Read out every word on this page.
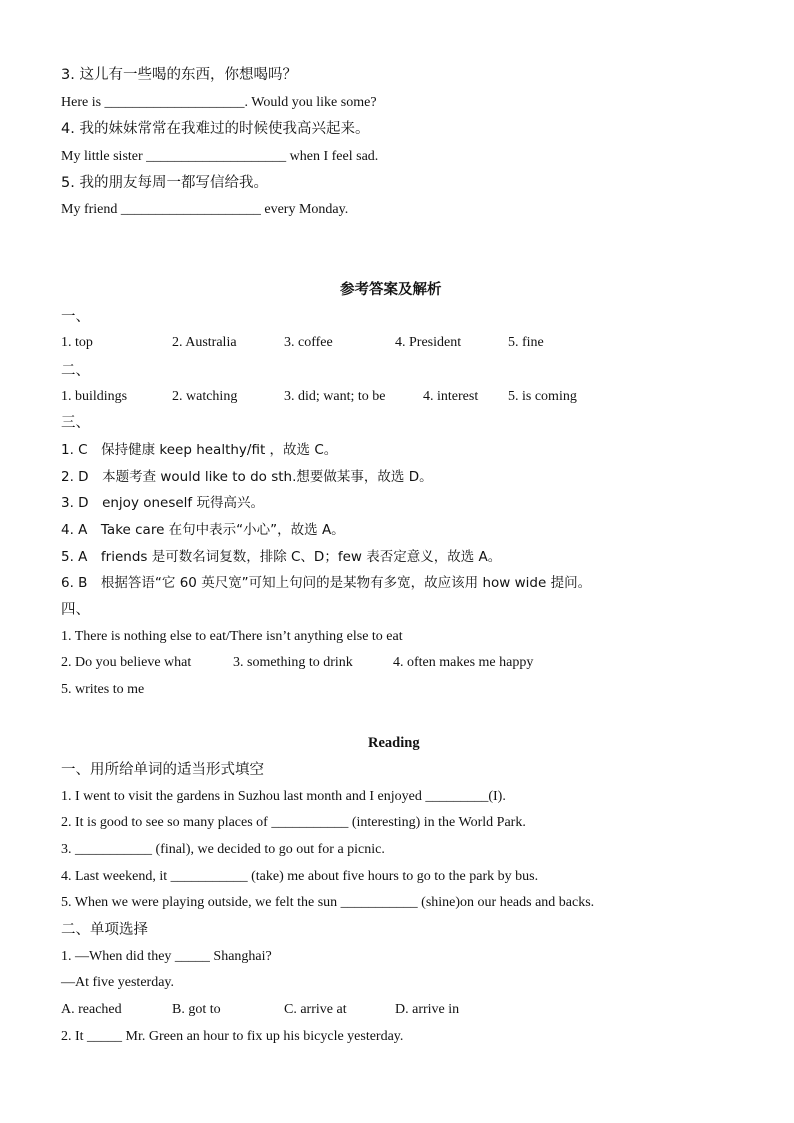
3. 这儿有一些喝的东西，你想喝吗？
Here is ____________________. Would you like some?
4. 我的妹妹常常在我难过的时候使我高兴起来。
My little sister ____________________ when I feel sad.
5. 我的朋友每周一都写信给我。
My friend ____________________ every Monday.
参考答案及解析
一、
1. top	2. Australia	3. coffee	4. President	5. fine
二、
1. buildings	2. watching	3. did; want; to be	4. interest 5. is coming
三、
1. C　保持健康 keep healthy/fit ，故选 C。
2. D　本题考查 would like to do sth.想要做某事，故选 D。
3. D　enjoy oneself 玩得高兴。
4. A　Take care 在句中表示“小心”，故选 A。
5. A　friends 是可数名词复数，排除 C、D；few 表否定意义，故选 A。
6. B　根据答语“它 60 英尺宽”可知上句问的是某物有多宽，故应该用 how wide 提问。
四、
1. There is nothing else to eat/There isn’t anything else to eat
2. Do you believe what	3. something to drink	4. often makes me happy
5. writes to me
Reading
一、用所给单词的适当形式填空
1. I went to visit the gardens in Suzhou last month and I enjoyed _________(I).
2. It is good to see so many places of ___________ (interesting) in the World Park.
3. ___________ (final), we decided to go out for a picnic.
4. Last weekend, it ___________ (take) me about five hours to go to the park by bus.
5. When we were playing outside, we felt the sun ___________ (shine)on our heads and backs.
二、单项选择
1. —When did they _____ Shanghai?
—At five yesterday.
A. reached	B. got to	C. arrive at	D. arrive in
2. It _____ Mr. Green an hour to fix up his bicycle yesterday.
